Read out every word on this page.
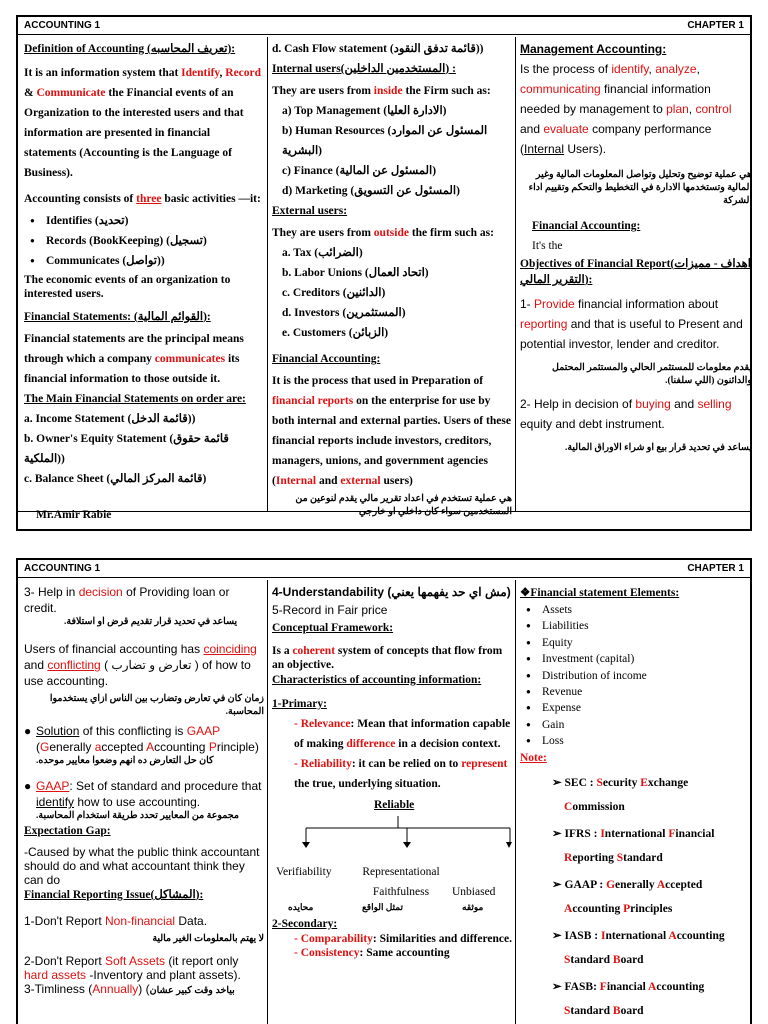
ACCOUNTING 1	CHAPTER 1
Definition of Accounting (تعريف المحاسبه):
It is an information system that Identify, Record & Communicate the Financial events of an Organization to the interested users and that information are presented in financial statements (Accounting is the Language of Business).
Accounting consists of three basic activities —it:
● Identifies (تحديد)
● Records (BookKeeping) (تسجيل)
● Communicates (تواصل))
The economic events of an organization to interested users.
Financial Statements: (القوائم المالية):
Financial statements are the principal means through which a company communicates its financial information to those outside it.
The Main Financial Statements on order are:
a. Income Statement (قائمة الدخل))
b. Owner's Equity Statement (قائمة حقوق الملكية))
c. Balance Sheet (قائمة المركز المالي)
d. Cash Flow statement (قائمة تدفق النقود))
Internal users(المستخدمين الداخلين) :
They are users from inside the Firm such as:
a) Top Management (الادارة العليا)
b) Human Resources (المسئول عن الموارد البشرية)
c) Finance (المسئول عن المالية)
d) Marketing (المسئول عن التسويق)
External users:
They are users from outside the firm such as:
a. Tax (الضرائب)
b. Labor Unions (اتحاد العمال)
c. Creditors (الدائنين)
d. Investors (المستثمرين)
e. Customers (الزبائن)
Financial Accounting:
It is the process that used in Preparation of financial reports on the enterprise for use by both internal and external parties. Users of these financial reports include investors, creditors, managers, unions, and government agencies (Internal and external users)
هي عملية تستخدم في اعداد تقرير مالي يقدم لنوعين من المستخدمين سواء كان داخلي او خارجي
Management Accounting:
Is the process of identify, analyze, communicating financial information needed by management to plan, control and evaluate company performance (Internal Users).
هي عملية توضيح وتحليل وتواصل المعلومات المالية وغير المالية وتستخدمها الادارة في التخطيط والتحكم وتقييم اداء الشركة
Financial Accounting:
It's the
Objectives of Financial Report(اهداف - مميزات التقرير المالي):
1- Provide financial information about reporting and that is useful to Present and potential investor, lender and creditor.
يقدم معلومات للمستثمر الحالي والمستثمر المحتمل والدائنون (اللي سلفنا).
2- Help in decision of buying and selling equity and debt instrument.
يساعد في تحديد قرار بيع او شراء الاوراق المالية.
Mr.Amir Rabie
ACCOUNTING 1	CHAPTER 1
3- Help in decision of Providing loan or credit.
يساعد في تحديد قرار تقديم قرض او استلافة.
Users of financial accounting has coinciding and conflicting ( تعارض و تضارب ) of how to use accounting.
زمان كان في تعارض وتضارب بين الناس ازاي يستخدموا المحاسبة.
● Solution of this conflicting is GAAP (Generally accepted Accounting Principle)
كان حل التعارض ده انهم وضعوا معايير موحده.
● GAAP: Set of standard and procedure that identify how to use accounting.
مجموعة من المعايير تحدد طريقة استخدام المحاسبة.
Expectation Gap:
-Caused by what the public think accountant should do and what accountant think they can do
Financial Reporting Issue(المشاكل):
1-Don't Report Non-financial Data.
لا يهتم بالمعلومات الغير مالية
2-Don't Report Soft Assets (it report only hard assets -Inventory and plant assets).
3-Timliness (Annually) (بياخد وقت كبير عشان
4-Understandability (مش اي حد يفهمها يعني)
5-Record in Fair price
Conceptual Framework:
Is a coherent system of concepts that flow from an objective.
Characteristics of accounting information:
1-Primary:
- Relevance: Mean that information capable of making difference in a decision context.
- Reliability: it can be relied on to represent the true, underlying situation.
Reliable
Verifiability	Representational Faithfulness	Unbiased
محايده	تمثل الواقع	موثقه
2-Secondary:
- Comparability: Similarities and difference.
- Consistency: Same accounting
❖Financial statement Elements:
● Assets
● Liabilities
● Equity
● Investment (capital)
● Distribution of income
● Revenue
● Expense
● Gain
● Loss
Note:
➢ SEC : Security Exchange
Commission
➢ IFRS : International Financial
Reporting Standard
➢ GAAP : Generally Accepted
Accounting Principles
➢ IASB : International Accounting
Standard Board
➢ FASB: Financial Accounting
Standard Board
